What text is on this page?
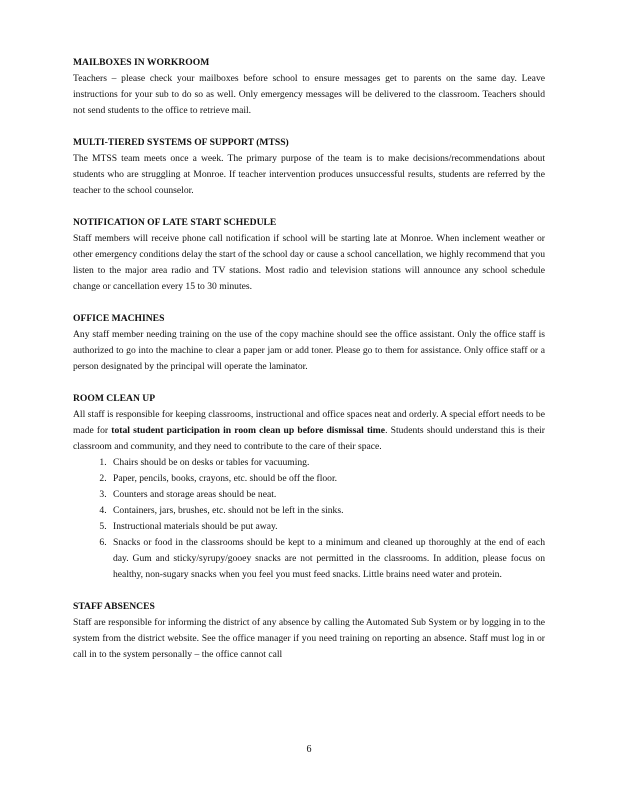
MAILBOXES IN WORKROOM
Teachers – please check your mailboxes before school to ensure messages get to parents on the same day. Leave instructions for your sub to do so as well. Only emergency messages will be delivered to the classroom. Teachers should not send students to the office to retrieve mail.
MULTI-TIERED SYSTEMS OF SUPPORT (MTSS)
The MTSS team meets once a week. The primary purpose of the team is to make decisions/recommendations about students who are struggling at Monroe. If teacher intervention produces unsuccessful results, students are referred by the teacher to the school counselor.
NOTIFICATION OF LATE START SCHEDULE
Staff members will receive phone call notification if school will be starting late at Monroe. When inclement weather or other emergency conditions delay the start of the school day or cause a school cancellation, we highly recommend that you listen to the major area radio and TV stations. Most radio and television stations will announce any school schedule change or cancellation every 15 to 30 minutes.
OFFICE MACHINES
Any staff member needing training on the use of the copy machine should see the office assistant. Only the office staff is authorized to go into the machine to clear a paper jam or add toner. Please go to them for assistance. Only office staff or a person designated by the principal will operate the laminator.
ROOM CLEAN UP
All staff is responsible for keeping classrooms, instructional and office spaces neat and orderly. A special effort needs to be made for total student participation in room clean up before dismissal time. Students should understand this is their classroom and community, and they need to contribute to the care of their space.
1. Chairs should be on desks or tables for vacuuming.
2. Paper, pencils, books, crayons, etc. should be off the floor.
3. Counters and storage areas should be neat.
4. Containers, jars, brushes, etc. should not be left in the sinks.
5. Instructional materials should be put away.
6. Snacks or food in the classrooms should be kept to a minimum and cleaned up thoroughly at the end of each day. Gum and sticky/syrupy/gooey snacks are not permitted in the classrooms. In addition, please focus on healthy, non-sugary snacks when you feel you must feed snacks. Little brains need water and protein.
STAFF ABSENCES
Staff are responsible for informing the district of any absence by calling the Automated Sub System or by logging in to the system from the district website. See the office manager if you need training on reporting an absence. Staff must log in or call in to the system personally – the office cannot call
6
